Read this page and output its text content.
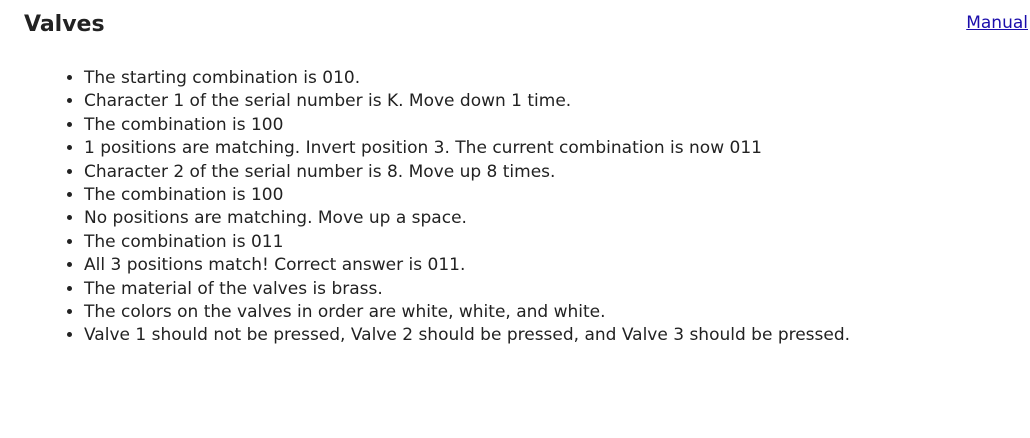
Valves	Manual
• The starting combination is 010.
• Character 1 of the serial number is K. Move down 1 time.
• The combination is 100
• 1 positions are matching. Invert position 3. The current combination is now 011
• Character 2 of the serial number is 8. Move up 8 times.
• The combination is 100
• No positions are matching. Move up a space.
• The combination is 011
• All 3 positions match! Correct answer is 011.
• The material of the valves is brass.
• The colors on the valves in order are white, white, and white.
• Valve 1 should not be pressed, Valve 2 should be pressed, and Valve 3 should be pressed.
